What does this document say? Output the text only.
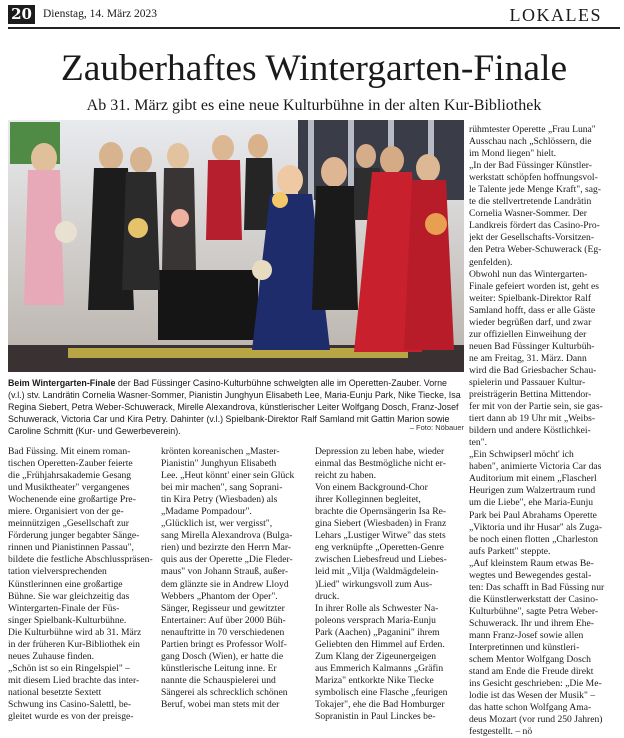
20 Dienstag, 14. März 2023	LOKALES
Zauberhaftes Wintergarten-Finale
Ab 31. März gibt es eine neue Kulturbühne in der alten Kur-Bibliothek
Beim Wintergarten-Finale der Bad Füssinger Casino-Kulturbühne schwelgten alle im Operetten-Zauber. Vorne (v.l.) stv. Landrätin Cornelia Wasner-Sommer, Pianistin Junghyun Elisabeth Lee, Maria-Eunju Park, Nike Tiecke, Isa Regina Siebert, Petra Weber-Schuwerack, Mirelle Alexandrova, künstlerischer Leiter Wolfgang Dosch, Franz-Josef Schuwerack, Victoria Car und Kira Petry. Dahinter (v.l.) Spielbank-Direktor Ralf Samland mit Gattin Marion sowie Caroline Schmitt (Kur- und Gewerbeverein).	– Foto: Nöbauer
Bad Füssing. Mit einem roman-
tischen Operetten-Zauber feierte
die „Frühjahrsakademie Gesang
und Musiktheater" vergangenes
Wochenende eine großartige Pre-
miere. Organisiert von der ge-
meinnützigen „Gesellschaft zur
Förderung junger begabter Sänge-
rinnen und Pianistinnen Passau",
bildete die festliche Abschlusspräsen-
tation vielversprechenden
Künstlerinnen eine großartige
Bühne. Sie war gleichzeitig das
Wintergarten-Finale der Füs-
singer Spielbank-Kulturbühne.
Die Kulturbühne wird ab 31. März
in der früheren Kur-Bibliothek ein
neues Zuhause finden.
„Schön ist so ein Ringelspiel" –
mit diesem Lied brachte das inter-
national besetzte Sextett
Schwung ins Casino-Salettl, be-
gleitet wurde es von der preisge-
krönten koreanischen „Master-
Pianistin" Junghyun Elisabeth
Lee. „Heut könnt' einer sein Glück
bei mir machen", sang Soprani-
tin Kira Petry (Wiesbaden) als
„Madame Pompadour".
„Glücklich ist, wer vergisst",
sang Mirella Alexandrova (Bulga-
rien) und bezirzte den Herrn Mar-
quis aus der Operette „Die Fleder-
maus" von Johann Strauß, außer-
dem glänzte sie in Andrew Lloyd
Webbers „Phantom der Oper".
Sänger, Regisseur und gewitzter
Entertainer: Auf über 2000 Büh-
nenauftritte in 70 verschiedenen
Partien bringt es Professor Wolf-
gang Dosch (Wien), er hatte die
künstlerische Leitung inne. Er
nannte die Schauspielerei und
Sängerei als schrecklich schönen
Beruf, wobei man stets mit der
Depression zu leben habe, wieder
einmal das Bestmögliche nicht er-
reicht zu haben.
Von einem Background-Chor
ihrer Kolleginnen begleitet,
brachte die Opernsängerin Isa Re-
gina Siebert (Wiesbaden) in Franz
Lehars „Lustiger Witwe" das stets
eng verknüpfte „Operetten-Genre
zwischen Liebesfreud und Liebes-
leid mit „Vilja (Waldmägdelein-
)Lied" wirkungsvoll zum Aus-
druck.
In ihrer Rolle als Schwester Na-
poleons versprach Maria-Eunju
Park (Aachen) „Paganini" ihrem
Geliebten den Himmel auf Erden.
Zum Klang der Zigeunergeigen
aus Emmerich Kalmanns „Gräfin
Mariza" entkorkte Nike Tiecke
symbolisch eine Flasche „feurigen
Tokajer", ehe die Bad Homburger
Sopranistin in Paul Linckes be-
rühmtester Operette „Frau Luna"
Ausschau nach „Schlössern, die
im Mond liegen" hielt.
„In der Bad Füssinger Künstler-
werkstatt schöpfen hoffnungsvol-
le Talente jede Menge Kraft", sag-
te die stellvertretende Landrätin
Cornelia Wasner-Sommer. Der
Landkreis fördert das Casino-Pro-
jekt der Gesellschafts-Vorsitzen-
den Petra Weber-Schuwerack (Eg-
genfelden).
Obwohl nun das Wintergarten-
Finale gefeiert worden ist, geht es
weiter: Spielbank-Direktor Ralf
Samland hofft, dass er alle Gäste
wieder begrüßen darf, und zwar
zur offiziellen Einweihung der
neuen Bad Füssinger Kulturbüh-
ne am Freitag, 31. März. Dann
wird die Bad Griesbacher Schau-
spielerin und Passauer Kultur-
preisträgerin Bettina Mittendor-
fer mit von der Partie sein, sie gas-
tiert dann ab 19 Uhr mit „Weibs-
bildern und andere Köstlichkei-
ten".
„Ein Schwipserl möcht' ich
haben", animierte Victoria Car das
Auditorium mit einem „Flascherl
Heurigen zum Walzertraum rund
um die Liebe", ehe Maria-Eunju
Park bei Paul Abrahams Operette
„Viktoria und ihr Husar" als Zuga-
be noch einen flotten „Charleston
aufs Parkett" steppte.
„Auf kleinstem Raum etwas Be-
wegtes und Bewegendes gestal-
ten: Das schafft in Bad Füssing nur
die Künstlerwerkstatt der Casino-
Kulturbühne", sagte Petra Weber-
Schuwerack. Ihr und ihrem Ehe-
mann Franz-Josef sowie allen
Interpretinnen und künstleri-
schem Mentor Wolfgang Dosch
stand am Ende die Freude direkt
ins Gesicht geschrieben: „Die Me-
lodie ist das Wesen der Musik" –
das hatte schon Wolfgang Ama-
deus Mozart (vor rund 250 Jahren)
festgestellt. – nö
